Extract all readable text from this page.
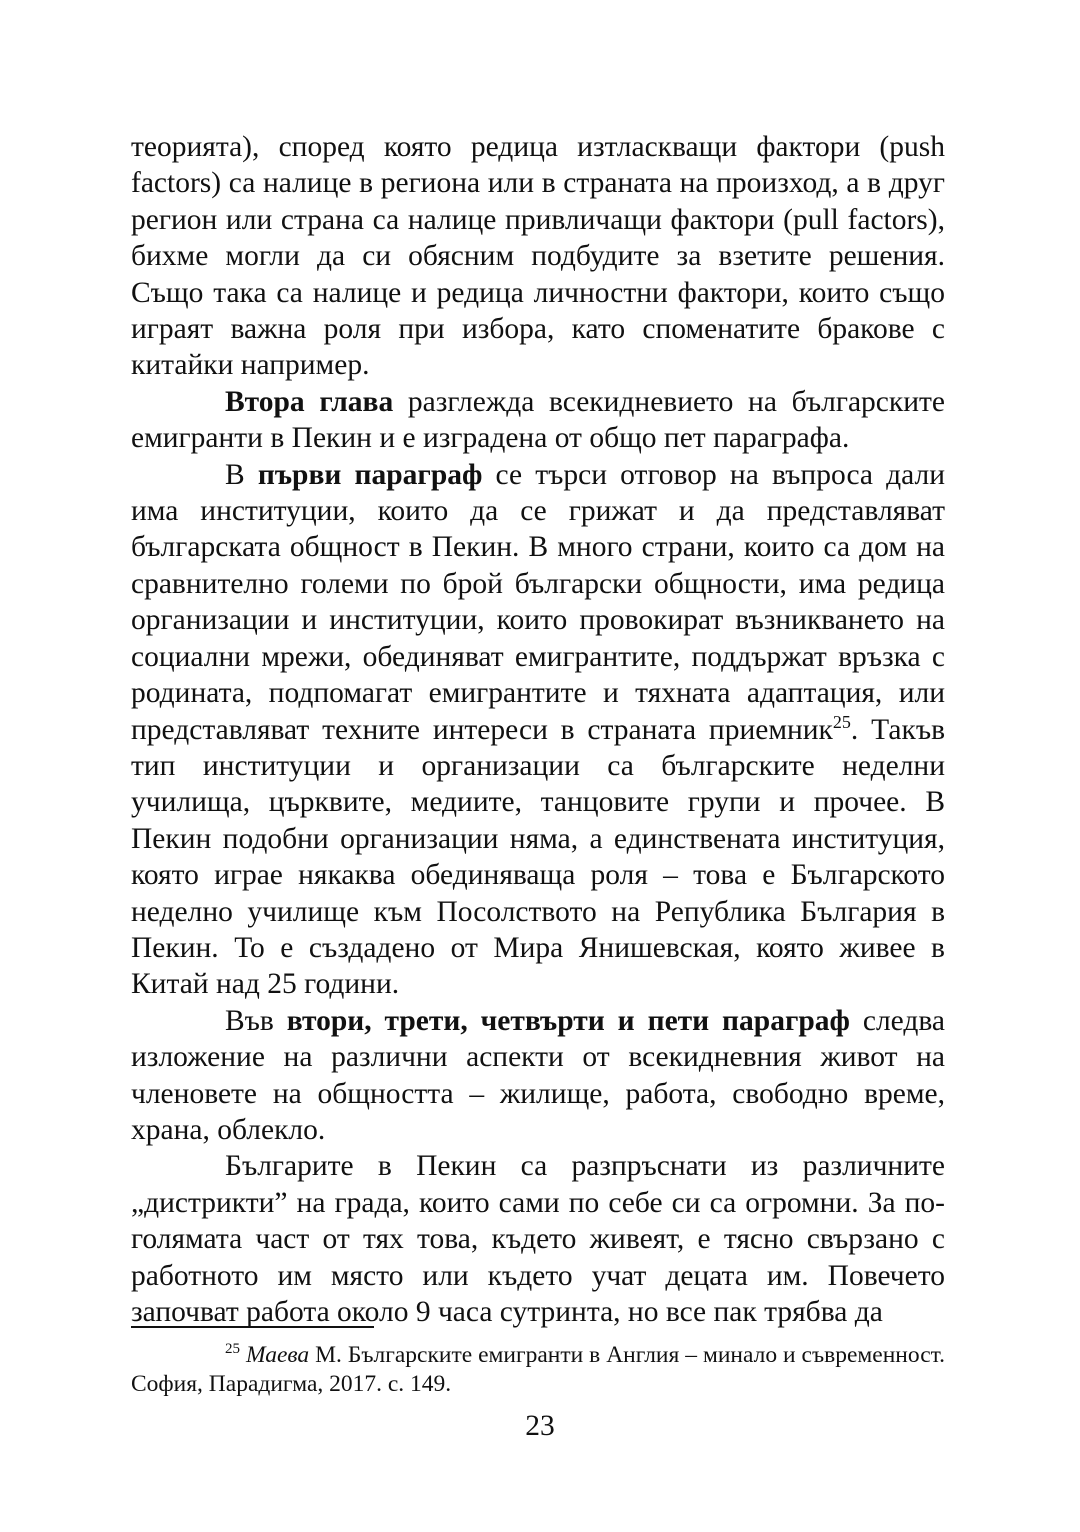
теорията), според която редица изтласкващи фактори (push factors) са налице в региона или в страната на произход, а в друг регион или страна са налице привличащи фактори (pull factors), бихме могли да си обясним подбудите за взетите решения. Също така са налице и редица личностни фактори, които също играят важна роля при избора, като споменатите бракове с китайки например.

Втора глава разглежда всекидневието на българските емигранти в Пекин и е изградена от общо пет параграфа.

В първи параграф се търси отговор на въпроса дали има институции, които да се грижат и да представляват българската общност в Пекин. В много страни, които са дом на сравнително големи по брой български общности, има редица организации и институции, които провокират възникването на социални мрежи, обединяват емигрантите, поддържат връзка с родината, подпомагат емигрантите и тяхната адаптация, или представляват техните интереси в страната приемник$^{25}$. Такъв тип институции и организации са българските неделни училища, църквите, медиите, танцовите групи и прочее. В Пекин подобни организации няма, а единствената институция, която играе някаква обединяваща роля – това е Българското неделно училище към Посолството на Република България в Пекин. То е създадено от Мира Янишевская, която живее в Китай над 25 години.

Във втори, трети, четвърти и пети параграф следва изложение на различни аспекти от всекидневния живот на членовете на общността – жилище, работа, свободно време, храна, облекло.

Българите в Пекин са разпръснати из различните „дистрикти” на града, които сами по себе си са огромни. За по-голямата част от тях това, където живеят, е тясно свързано с работното им място или където учат децата им. Повечето започват работа около 9 часа сутринта, но все пак трябва да

$^{25}$ Маева М. Българските емигранти в Англия – минало и съвременност. София, Парадигма, 2017. с. 149.

23
